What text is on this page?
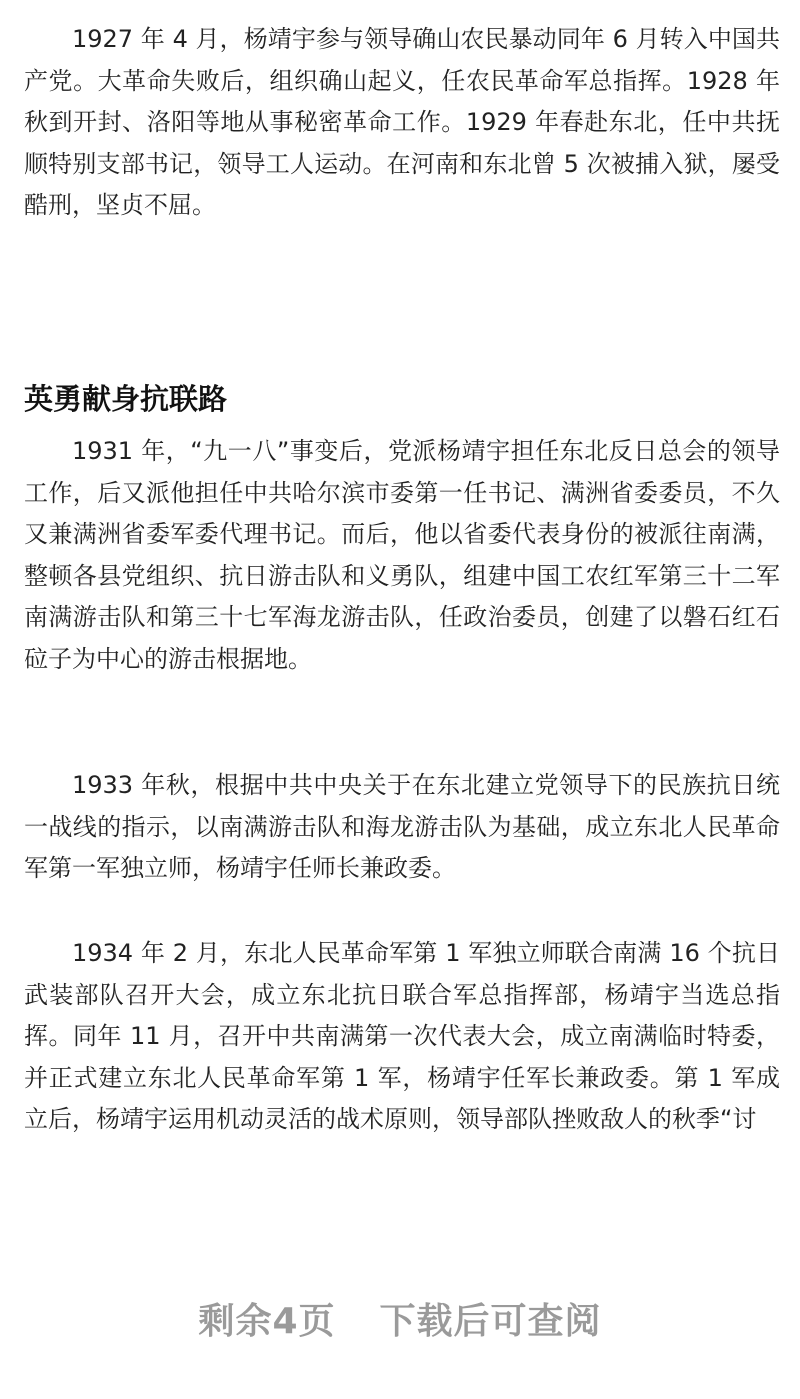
1927 年 4 月，杨靖宇参与领导确山农民暴动同年 6 月转入中国共产党。大革命失败后，组织确山起义，任农民革命军总指挥。1928 年秋到开封、洛阳等地从事秘密革命工作。1929 年春赴东北，任中共抚顺特别支部书记，领导工人运动。在河南和东北曾 5 次被捕入狱，屡受酷刑，坚贞不屈。

英勇献身抗联路

1931 年，“九一八”事变后，党派杨靖宇担任东北反日总会的领导工作，后又派他担任中共哈尔滨市委第一任书记、满洲省委委员，不久又兼满洲省委军委代理书记。而后，他以省委代表身份的被派往南满，整顿各县党组织、抗日游击队和义勇队，组建中国工农红军第三十二军南满游击队和第三十七军海龙游击队，任政治委员，创建了以磐石红石砬子为中心的游击根据地。

1933 年秋，根据中共中央关于在东北建立党领导下的民族抗日统一战线的指示，以南满游击队和海龙游击队为基础，成立东北人民革命军第一军独立师，杨靖宇任师长兼政委。

1934 年 2 月，东北人民革命军第 1 军独立师联合南满 16 个抗日武装部队召开大会，成立东北抗日联合军总指挥部，杨靖宇当选总指挥。同年 11 月，召开中共南满第一次代表大会，成立南满临时特委，并正式建立东北人民革命军第 1 军，杨靖宇任军长兼政委。第 1 军成立后，杨靖宇运用机动灵活的战术原则，领导部队挫败敌人的秋季“讨

剩余4页 下载后可查阅
